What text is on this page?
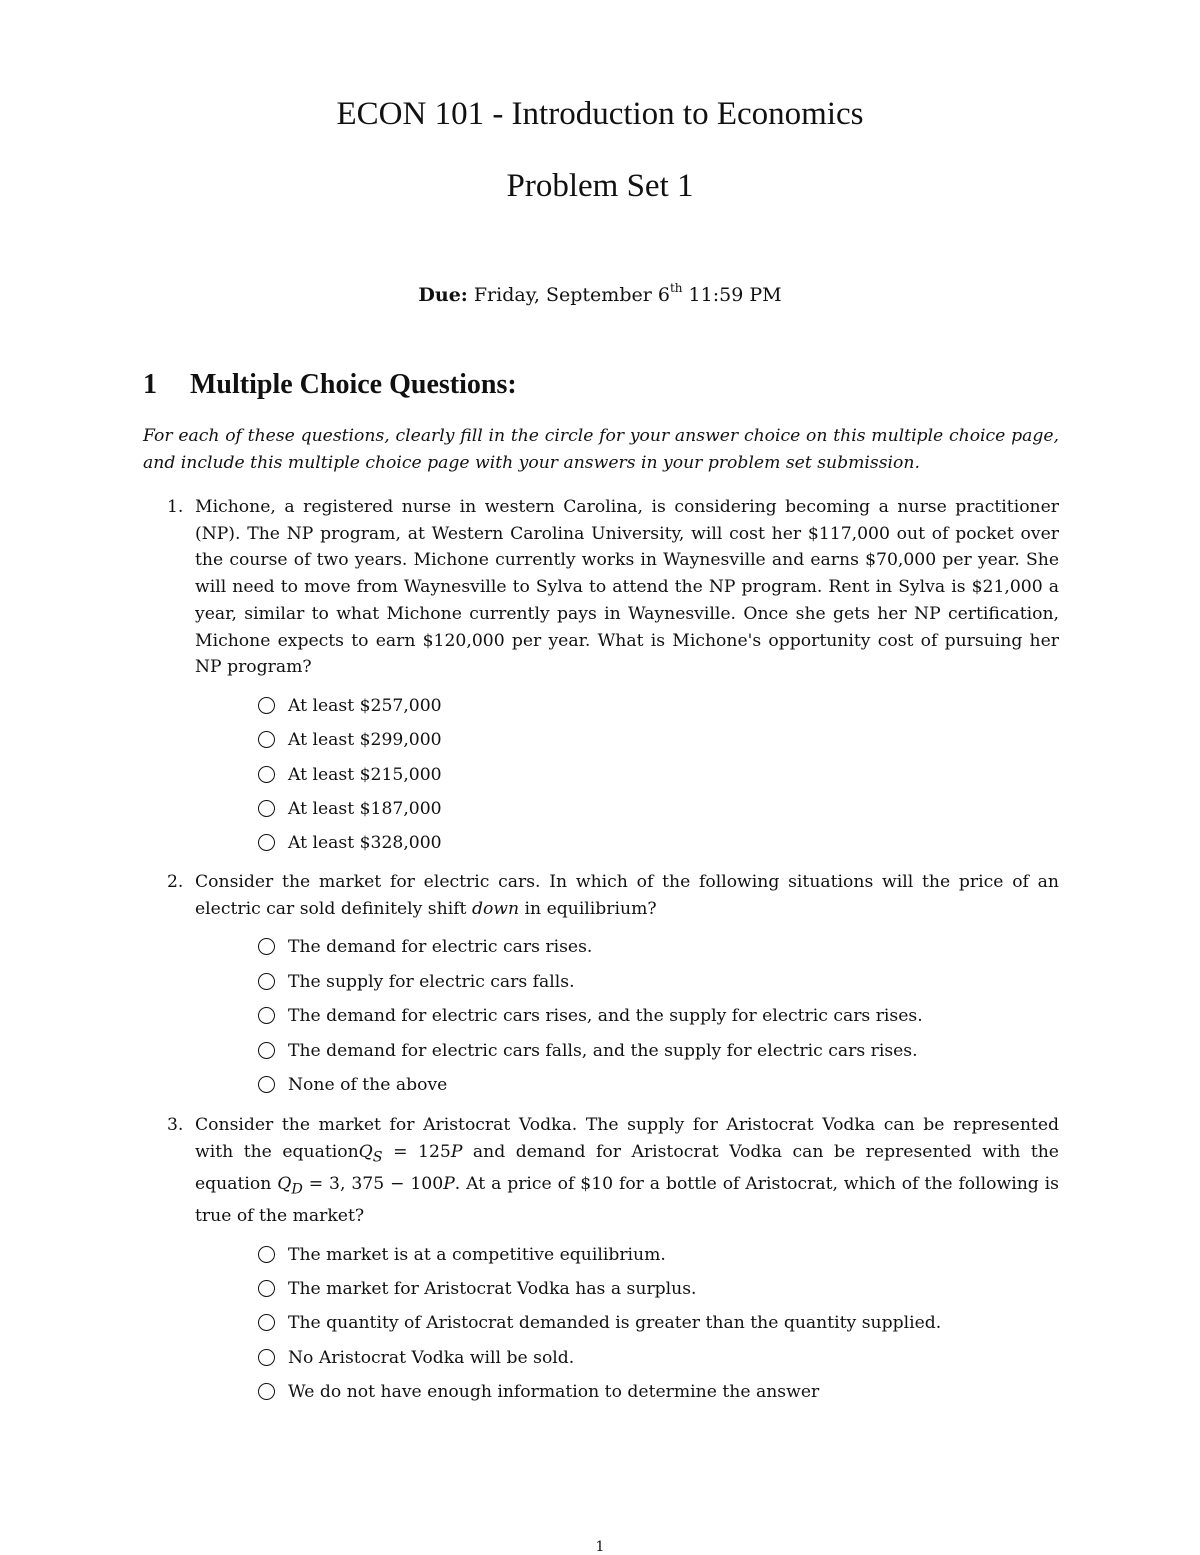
ECON 101 - Introduction to Economics
Problem Set 1
Due: Friday, September 6th 11:59 PM
1 Multiple Choice Questions:
For each of these questions, clearly fill in the circle for your answer choice on this multiple choice page, and include this multiple choice page with your answers in your problem set submission.
1. Michone, a registered nurse in western Carolina, is considering becoming a nurse practitioner (NP). The NP program, at Western Carolina University, will cost her $117,000 out of pocket over the course of two years. Michone currently works in Waynesville and earns $70,000 per year. She will need to move from Waynesville to Sylva to attend the NP program. Rent in Sylva is $21,000 a year, similar to what Michone currently pays in Waynesville. Once she gets her NP certification, Michone expects to earn $120,000 per year. What is Michone's opportunity cost of pursuing her NP program?
At least $257,000
At least $299,000
At least $215,000
At least $187,000
At least $328,000
2. Consider the market for electric cars. In which of the following situations will the price of an electric car sold definitely shift down in equilibrium?
The demand for electric cars rises.
The supply for electric cars falls.
The demand for electric cars rises, and the supply for electric cars rises.
The demand for electric cars falls, and the supply for electric cars rises.
None of the above
3. Consider the market for Aristocrat Vodka. The supply for Aristocrat Vodka can be represented with the equationQ$_S$ = 125P and demand for Aristocrat Vodka can be represented with the equation $Q_D = 3$, 375 − 100P. At a price of $10 for a bottle of Aristocrat, which of the following is true of the market?
The market is at a competitive equilibrium.
The market for Aristocrat Vodka has a surplus.
The quantity of Aristocrat demanded is greater than the quantity supplied.
No Aristocrat Vodka will be sold.
We do not have enough information to determine the answer
1
